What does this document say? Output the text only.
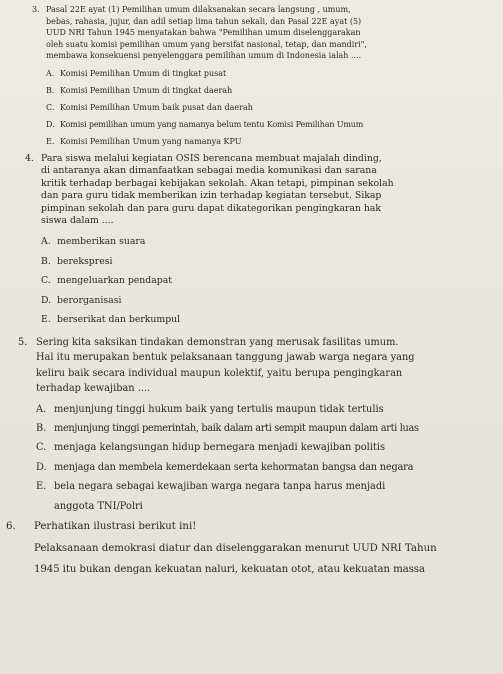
3. Pasal 22E ayat (1) Pemilihan umum dilaksanakan secara langsung , umum,
bebas, rahasia, jujur, dan adil setiap lima tahun sekali, dan Pasal 22E ayat (5)
UUD NRI Tahun 1945 menyatakan bahwa "Pemilihan umum diselenggarakan
oleh suatu komisi pemilihan umum yang bersifat nasional, tetap, dan mandiri",
membawa konsekuensi penyelenggara pemilihan umum di Indonesia ialah ....
A. Komisi Pemilihan Umum di tingkat pusat
B. Komisi Pemilihan Umum di tingkat daerah
C. Komisi Pemilihan Umum baik pusat dan daerah
D. Komisi pemilihan umum yang namanya belum tentu Komisi Pemilihan Umum
E. Komisi Pemilihan Umum yang namanya KPU
4. Para siswa melalui kegiatan OSIS berencana membuat majalah dinding,
di antaranya akan dimanfaatkan sebagai media komunikasi dan sarana
kritik terhadap berbagai kebijakan sekolah. Akan tetapi, pimpinan sekolah
dan para guru tidak memberikan izin terhadap kegiatan tersebut. Sikap
pimpinan sekolah dan para guru dapat dikategorikan pengingkaran hak
siswa dalam ....
A. memberikan suara
B. berekspresi
C. mengeluarkan pendapat
D. berorganisasi
E. berserikat dan berkumpul
5. Sering kita saksikan tindakan demonstran yang merusak fasilitas umum.
Hal itu merupakan bentuk pelaksanaan tanggung jawab warga negara yang
keliru baik secara individual maupun kolektif, yaitu berupa pengingkaran
terhadap kewajiban ....
A. menjunjung tinggi hukum baik yang tertulis maupun tidak tertulis
B. menjunjung tinggi pemerintah, baik dalam arti sempit maupun dalam arti luas
C. menjaga kelangsungan hidup bernegara menjadi kewajiban politis
D. menjaga dan membela kemerdekaan serta kehormatan bangsa dan negara
E. bela negara sebagai kewajiban warga negara tanpa harus menjadi
anggota TNI/Polri
6.	Perhatikan ilustrasi berikut ini!
Pelaksanaan demokrasi diatur dan diselenggarakan menurut UUD NRI Tahun
1945 itu bukan dengan kekuatan naluri, kekuatan otot, atau kekuatan massa
